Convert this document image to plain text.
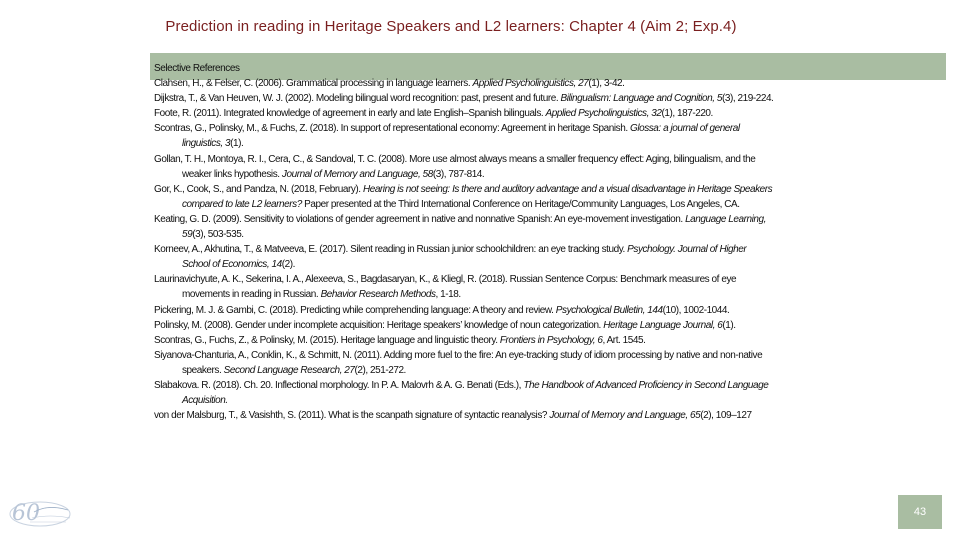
Prediction in reading in Heritage Speakers and L2 learners: Chapter 4 (Aim 2; Exp.4)

Selective References

Clahsen, H., & Felser, C. (2006). Grammatical processing in language learners. Applied Psycholinguistics, 27(1), 3-42.

Dijkstra, T., & Van Heuven, W. J. (2002). Modeling bilingual word recognition: past, present and future. Bilingualism: Language and Cognition, 5(3), 219-224.

Foote, R. (2011). Integrated knowledge of agreement in early and late English–Spanish bilinguals. Applied Psycholinguistics, 32(1), 187-220.

Scontras, G., Polinsky, M., & Fuchs, Z. (2018). In support of representational economy: Agreement in heritage Spanish. Glossa: a journal of general linguistics, 3(1).

Gollan, T. H., Montoya, R. I., Cera, C., & Sandoval, T. C. (2008). More use almost always means a smaller frequency effect: Aging, bilingualism, and the weaker links hypothesis. Journal of Memory and Language, 58(3), 787-814.

Gor, K., Cook, S., and Pandza, N. (2018, February). Hearing is not seeing: Is there and auditory advantage and a visual disadvantage in Heritage Speakers compared to late L2 learners? Paper presented at the Third International Conference on Heritage/Community Languages, Los Angeles, CA.

Keating, G. D. (2009). Sensitivity to violations of gender agreement in native and nonnative Spanish: An eye-movement investigation. Language Learning, 59(3), 503-535.

Korneev, A., Akhutina, T., & Matveeva, E. (2017). Silent reading in Russian junior schoolchildren: an eye tracking study. Psychology. Journal of Higher School of Economics, 14(2).

Laurinavichyute, A. K., Sekerina, I. A., Alexeeva, S., Bagdasaryan, K., & Kliegl, R. (2018). Russian Sentence Corpus: Benchmark measures of eye movements in reading in Russian. Behavior Research Methods, 1-18.

Pickering, M. J. & Gambi, C. (2018). Predicting while comprehending language: A theory and review. Psychological Bulletin, 144(10), 1002-1044.

Polinsky, M. (2008). Gender under incomplete acquisition: Heritage speakers’ knowledge of noun categorization. Heritage Language Journal, 6(1).

Scontras, G., Fuchs, Z., & Polinsky, M. (2015). Heritage language and linguistic theory. Frontiers in Psychology, 6, Art. 1545.

Siyanova-Chanturia, A., Conklin, K., & Schmitt, N. (2011). Adding more fuel to the fire: An eye-tracking study of idiom processing by native and non-native speakers. Second Language Research, 27(2), 251-272.

Slabakova. R. (2018). Ch. 20. Inflectional morphology. In P. A. Malovrh & A. G. Benati (Eds.), The Handbook of Advanced Proficiency in Second Language Acquisition.

von der Malsburg, T., & Vasishth, S. (2011). What is the scanpath signature of syntactic reanalysis? Journal of Memory and Language, 65(2), 109–127

60	43
